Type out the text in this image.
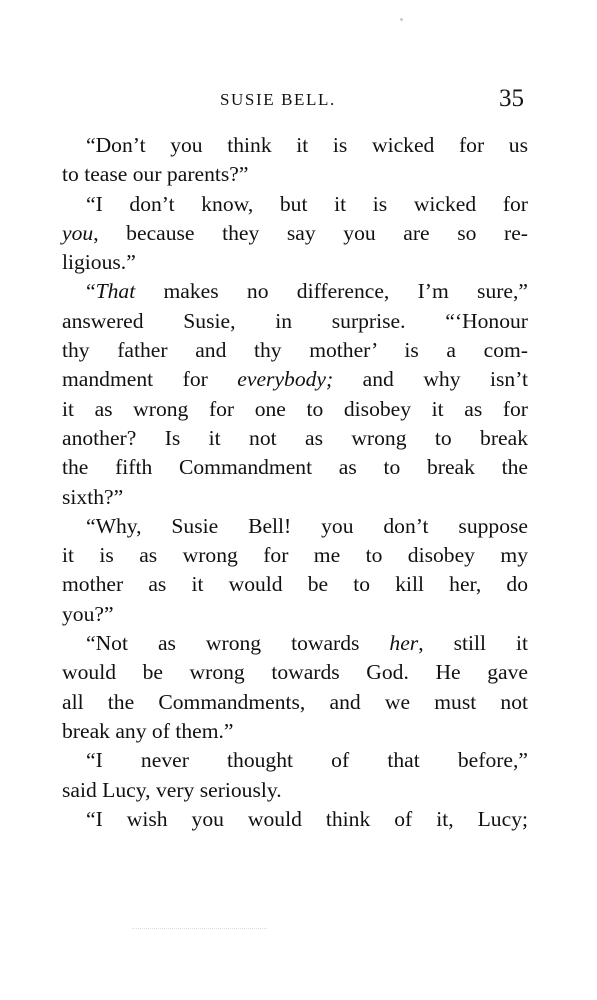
SUSIE BELL.	35
“Don’t you think it is wicked for us
to tease our parents?”
“I don’t know, but it is wicked for
you, because they say you are so re-
ligious.”
“That makes no difference, I’m sure,”
answered Susie, in surprise. “‘Honour
thy father and thy mother’ is a com-
mandment for everybody; and why isn’t
it as wrong for one to disobey it as for
another? Is it not as wrong to break
the fifth Commandment as to break the
sixth?”
“Why, Susie Bell! you don’t suppose
it is as wrong for me to disobey my
mother as it would be to kill her, do
you?”
“Not as wrong towards her, still it
would be wrong towards God. He gave
all the Commandments, and we must not
break any of them.”
“I never thought of that before,”
said Lucy, very seriously.
“I wish you would think of it, Lucy;
